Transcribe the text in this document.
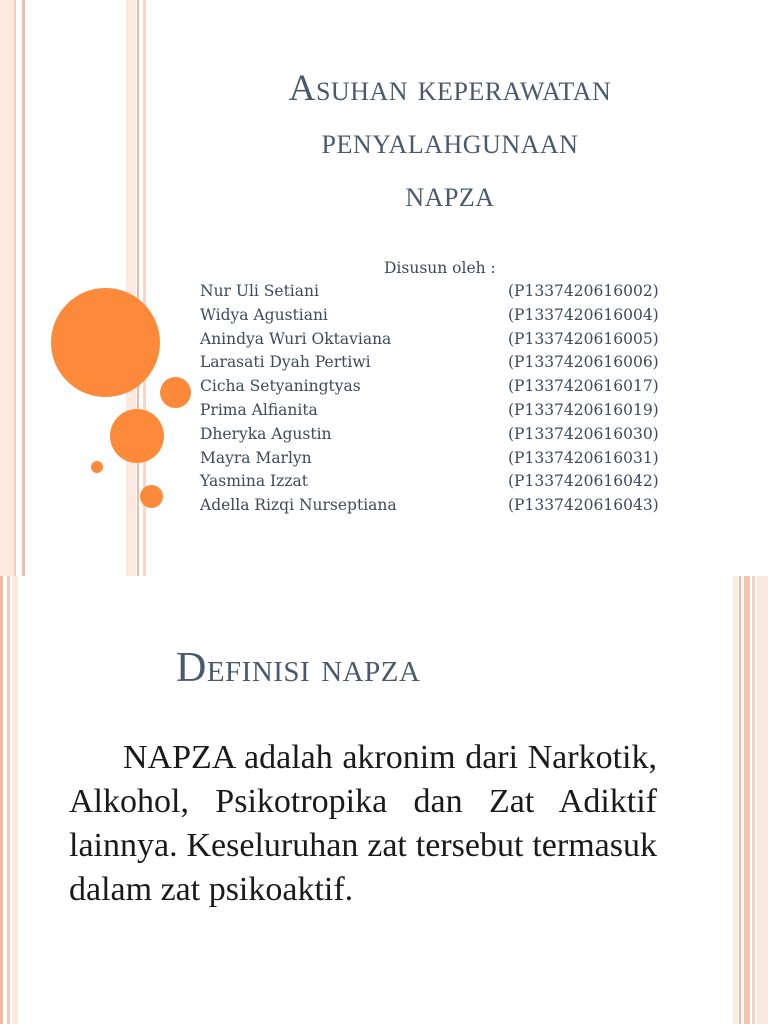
Asuhan keperawatan
penyalahgunaan
napza
Disusun oleh :
Nur Uli Setiani	(P1337420616002)
Widya Agustiani	(P1337420616004)
Anindya Wuri Oktaviana	(P1337420616005)
Larasati Dyah Pertiwi	(P1337420616006)
Cicha Setyaningtyas	(P1337420616017)
Prima Alfianita	(P1337420616019)
Dheryka Agustin	(P1337420616030)
Mayra Marlyn	(P1337420616031)
Yasmina Izzat	(P1337420616042)
Adella Rizqi Nurseptiana	(P1337420616043)
Definisi napza
NAPZA adalah akronim dari Narkotik, Alkohol, Psikotropika dan Zat Adiktif lainnya. Keseluruhan zat tersebut termasuk dalam zat psikoaktif.
